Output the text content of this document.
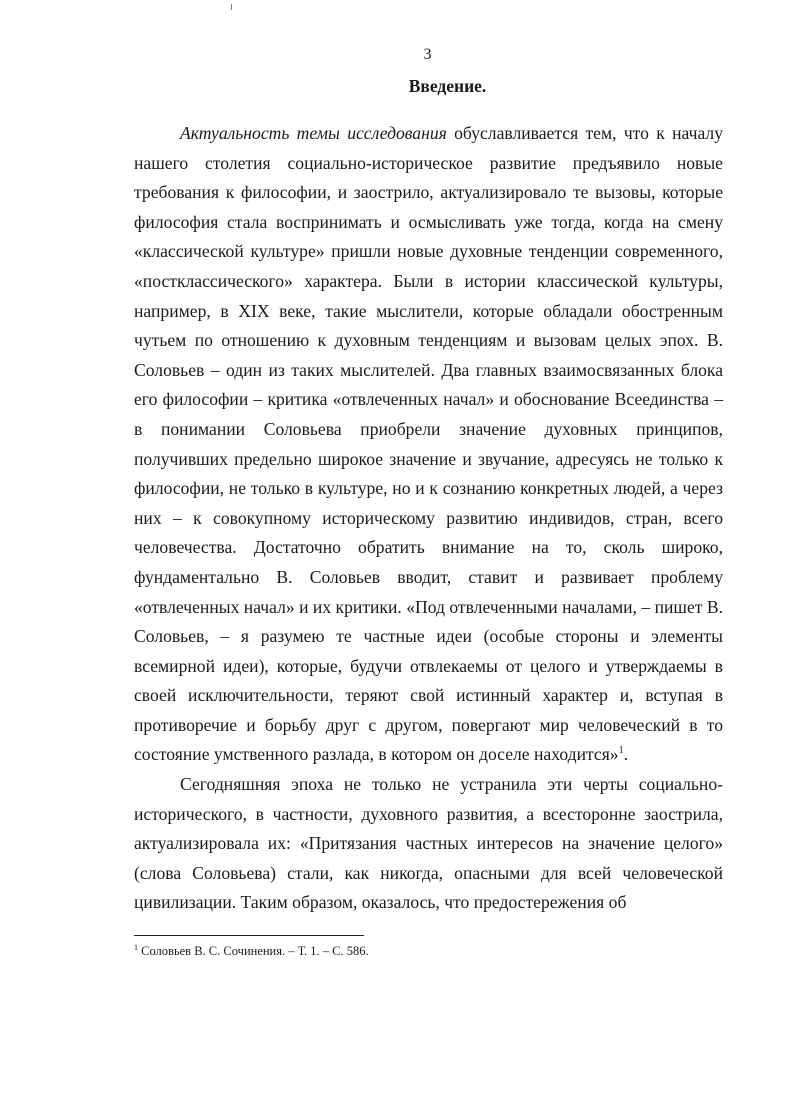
3
Введение.

Актуальность темы исследования обуславливается тем, что к началу нашего столетия социально-историческое развитие предъявило новые требования к философии, и заострило, актуализировало те вызовы, которые философия стала воспринимать и осмысливать уже тогда, когда на смену «классической культуре» пришли новые духовные тенденции современного, «постклассического» характера. Были в истории классической культуры, например, в XIX веке, такие мыслители, которые обладали обостренным чутьем по отношению к духовным тенденциям и вызовам целых эпох. В. Соловьев – один из таких мыслителей. Два главных взаимосвязанных блока его философии – критика «отвлеченных начал» и обоснование Всеединства – в понимании Соловьева приобрели значение духовных принципов, получивших предельно широкое значение и звучание, адресуясь не только к философии, не только в культуре, но и к сознанию конкретных людей, а через них – к совокупному историческому развитию индивидов, стран, всего человечества. Достаточно обратить внимание на то, сколь широко, фундаментально В. Соловьев вводит, ставит и развивает проблему «отвлеченных начал» и их критики. «Под отвлеченными началами, – пишет В. Соловьев, – я разумею те частные идеи (особые стороны и элементы всемирной идеи), которые, будучи отвлекаемы от целого и утверждаемы в своей исключительности, теряют свой истинный характер и, вступая в противоречие и борьбу друг с другом, повергают мир человеческий в то состояние умственного разлада, в котором он доселе находится»$^1$.

Сегодняшняя эпоха не только не устранила эти черты социально-исторического, в частности, духовного развития, а всесторонне заострила, актуализировала их: «Притязания частных интересов на значение целого» (слова Соловьева) стали, как никогда, опасными для всей человеческой цивилизации. Таким образом, оказалось, что предостережения об

$^1$ Соловьев В. С. Сочинения. – Т. 1. – С. 586.
